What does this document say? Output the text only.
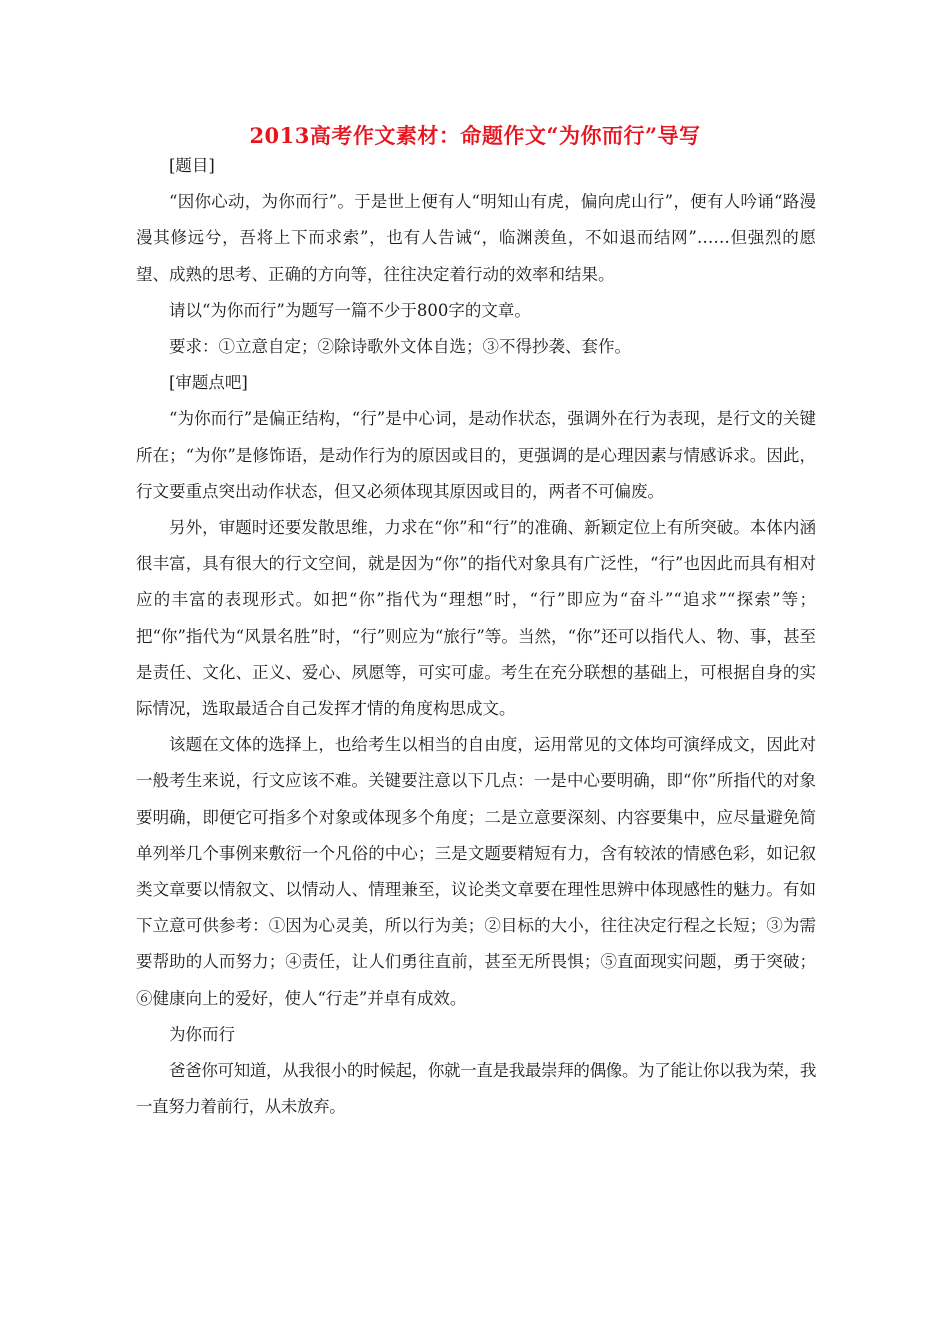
2013高考作文素材：命题作文“为你而行”导写

[题目]

“因你心动，为你而行”。于是世上便有人“明知山有虎，偏向虎山行”，便有人吟诵“路漫漫其修远兮，吾将上下而求索”，也有人告诫“，临渊羡鱼，不如退而结网”……但强烈的愿望、成熟的思考、正确的方向等，往往决定着行动的效率和结果。

请以“为你而行”为题写一篇不少于800字的文章。

要求：①立意自定；②除诗歌外文体自选；③不得抄袭、套作。

[审题点吧]

“为你而行”是偏正结构，“行”是中心词，是动作状态，强调外在行为表现，是行文的关键所在；“为你”是修饰语，是动作行为的原因或目的，更强调的是心理因素与情感诉求。因此，行文要重点突出动作状态，但又必须体现其原因或目的，两者不可偏废。

另外，审题时还要发散思维，力求在“你”和“行”的准确、新颖定位上有所突破。本体内涵很丰富，具有很大的行文空间，就是因为“你”的指代对象具有广泛性，“行”也因此而具有相对应的丰富的表现形式。如把“你”指代为“理想”时，“行”即应为“奋斗”“追求”“探索”等；把“你”指代为“风景名胜”时，“行”则应为“旅行”等。当然，“你”还可以指代人、物、事，甚至是责任、文化、正义、爱心、夙愿等，可实可虚。考生在充分联想的基础上，可根据自身的实际情况，选取最适合自己发挥才情的角度构思成文。

该题在文体的选择上，也给考生以相当的自由度，运用常见的文体均可演绎成文，因此对一般考生来说，行文应该不难。关键要注意以下几点：一是中心要明确，即“你”所指代的对象要明确，即便它可指多个对象或体现多个角度；二是立意要深刻、内容要集中，应尽量避免简单列举几个事例来敷衍一个凡俗的中心；三是文题要精短有力，含有较浓的情感色彩，如记叙类文章要以情叙文、以情动人、情理兼至，议论类文章要在理性思辨中体现感性的魅力。有如下立意可供参考：①因为心灵美，所以行为美；②目标的大小，往往决定行程之长短；③为需要帮助的人而努力；④责任，让人们勇往直前，甚至无所畏惧；⑤直面现实问题，勇于突破；⑥健康向上的爱好，使人“行走”并卓有成效。

为你而行

爸爸你可知道，从我很小的时候起，你就一直是我最崇拜的偶像。为了能让你以我为荣，我一直努力着前行，从未放弃。
